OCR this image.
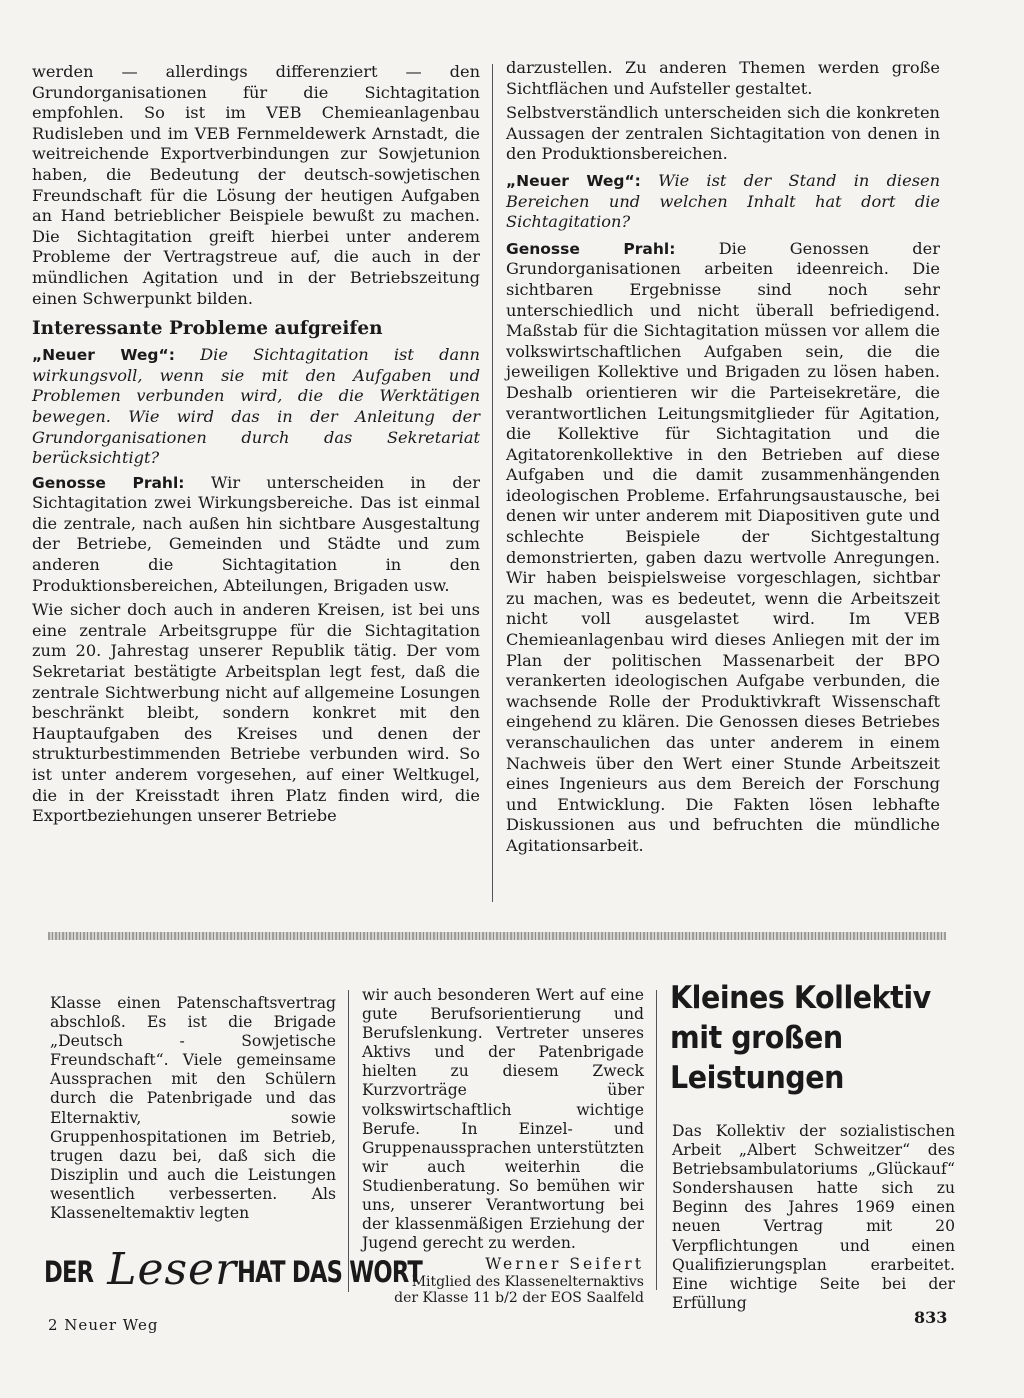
werden — allerdings differenziert — den Grundorganisationen für die Sichtagitation empfohlen. So ist im VEB Chemieanlagenbau Rudisleben und im VEB Fernmeldewerk Arnstadt, die weitreichende Exportverbindungen zur Sowjetunion haben, die Bedeutung der deutsch-sowjetischen Freundschaft für die Lösung der heutigen Aufgaben an Hand betrieblicher Beispiele bewußt zu machen. Die Sichtagitation greift hierbei unter anderem Probleme der Vertragstreue auf, die auch in der mündlichen Agitation und in der Betriebszeitung einen Schwerpunkt bilden.

Interessante Probleme aufgreifen

„Neuer Weg“: Die Sichtagitation ist dann wirkungsvoll, wenn sie mit den Aufgaben und Problemen verbunden wird, die die Werktätigen bewegen. Wie wird das in der Anleitung der Grundorganisationen durch das Sekretariat berücksichtigt?

Genosse Prahl: Wir unterscheiden in der Sichtagitation zwei Wirkungsbereiche. Das ist einmal die zentrale, nach außen hin sichtbare Ausgestaltung der Betriebe, Gemeinden und Städte und zum anderen die Sichtagitation in den Produktionsbereichen, Abteilungen, Brigaden usw.

Wie sicher doch auch in anderen Kreisen, ist bei uns eine zentrale Arbeitsgruppe für die Sichtagitation zum 20. Jahrestag unserer Republik tätig. Der vom Sekretariat bestätigte Arbeitsplan legt fest, daß die zentrale Sichtwerbung nicht auf allgemeine Losungen beschränkt bleibt, sondern konkret mit den Hauptaufgaben des Kreises und denen der strukturbestimmenden Betriebe verbunden wird. So ist unter anderem vorgesehen, auf einer Weltkugel, die in der Kreisstadt ihren Platz finden wird, die Exportbeziehungen unserer Betriebe

darzustellen. Zu anderen Themen werden große Sichtflächen und Aufsteller gestaltet.

Selbstverständlich unterscheiden sich die konkreten Aussagen der zentralen Sichtagitation von denen in den Produktionsbereichen.

„Neuer Weg“: Wie ist der Stand in diesen Bereichen und welchen Inhalt hat dort die Sichtagitation?

Genosse Prahl:	Die Genossen der Grundorganisationen arbeiten ideenreich. Die sichtbaren Ergebnisse sind noch sehr unterschiedlich und nicht überall befriedigend. Maßstab für die Sichtagitation müssen vor allem die volkswirtschaftlichen Aufgaben sein, die die jeweiligen Kollektive und Brigaden zu lösen haben. Deshalb orientieren wir die Parteisekretäre, die verantwortlichen Leitungsmitglieder für Agitation, die Kollektive für Sichtagitation und die Agitatorenkollektive in den Betrieben auf diese Aufgaben und die damit zusammenhängenden ideologischen Probleme. Erfahrungsaustausche, bei denen wir unter anderem mit Diapositiven gute und schlechte Beispiele der Sichtgestaltung demonstrierten, gaben dazu wertvolle Anregungen. Wir haben beispielsweise vorgeschlagen, sichtbar zu machen, was es bedeutet, wenn die Arbeitszeit nicht voll ausgelastet wird. Im VEB Chemieanlagenbau wird dieses Anliegen mit der im Plan der politischen Massenarbeit der BPO verankerten ideologischen Aufgabe verbunden, die wachsende Rolle der Produktivkraft Wissenschaft eingehend zu klären. Die Genossen dieses Betriebes veranschaulichen das unter anderem in einem Nachweis über den Wert einer Stunde Arbeitszeit eines Ingenieurs aus dem Bereich der Forschung und Entwicklung. Die Fakten lösen lebhafte Diskussionen aus und befruchten die mündliche Agitationsarbeit.

Klasse einen Patenschaftsvertrag abschloß. Es ist die Brigade „Deutsch - Sowjetische Freundschaft“. Viele gemeinsame Aussprachen mit den Schülern durch die Patenbrigade und das Elternaktiv, sowie Gruppenhospitationen im Betrieb, trugen dazu bei, daß sich die Disziplin und auch die Leistungen wesentlich verbesserten. Als Klasseneltemaktiv legten

wir auch besonderen Wert auf eine gute Berufsorientierung und Berufslenkung. Vertreter unseres Aktivs und der Patenbrigade hielten zu diesem Zweck Kurzvorträge über volkswirtschaftlich wichtige Berufe. In Einzel- und Gruppenaussprachen unterstützten wir auch weiterhin die Studienberatung. So bemühen wir uns, unserer Verantwortung bei der klassenmäßigen Erziehung der Jugend gerecht zu werden.

Werner Seifert

Mitglied des Klassenelternaktivs

der Klasse 11 b/2 der EOS Saalfeld

Kleines Kollektiv
mit großen
Leistungen

Das Kollektiv der sozialistischen Arbeit „Albert Schweitzer“ des Betriebsambulatoriums „Glückauf“ Sondershausen hatte sich zu Beginn des Jahres 1969 einen neuen Vertrag mit 20 Verpflichtungen und einen Qualifizierungsplan erarbeitet. Eine wichtige Seite bei der Erfüllung

DER LeserHAT DAS WORT
2 Neuer Weg	833
